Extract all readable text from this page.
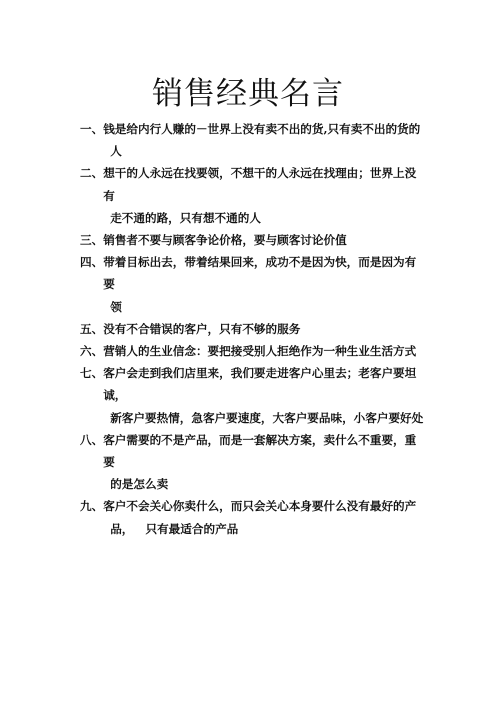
销售经典名言
一、 钱是给内行人赚的－世界上没有卖不出的货,只有卖不出的货的
人
二、 想干的人永远在找要领，不想干的人永远在找理由；世界上没有
走不通的路，只有想不通的人
三、 销售者不要与顾客争论价格，要与顾客讨论价值
四、 带着目标出去，带着结果回来，成功不是因为快，而是因为有要
领
五、 没有不合错误的客户，只有不够的服务
六、 营销人的生业信念：要把接受别人拒绝作为一种生业生活方式
七、 客户会走到我们店里来，我们要走进客户心里去；老客户要坦诚，
新客户要热情，急客户要速度，大客户要品味，小客户要好处
八、 客户需要的不是产品，而是一套解决方案，卖什么不重要，重要
的是怎么卖
九、 客户不会关心你卖什么，而只会关心本身要什么没有最好的产
品，   只有最适合的产品
